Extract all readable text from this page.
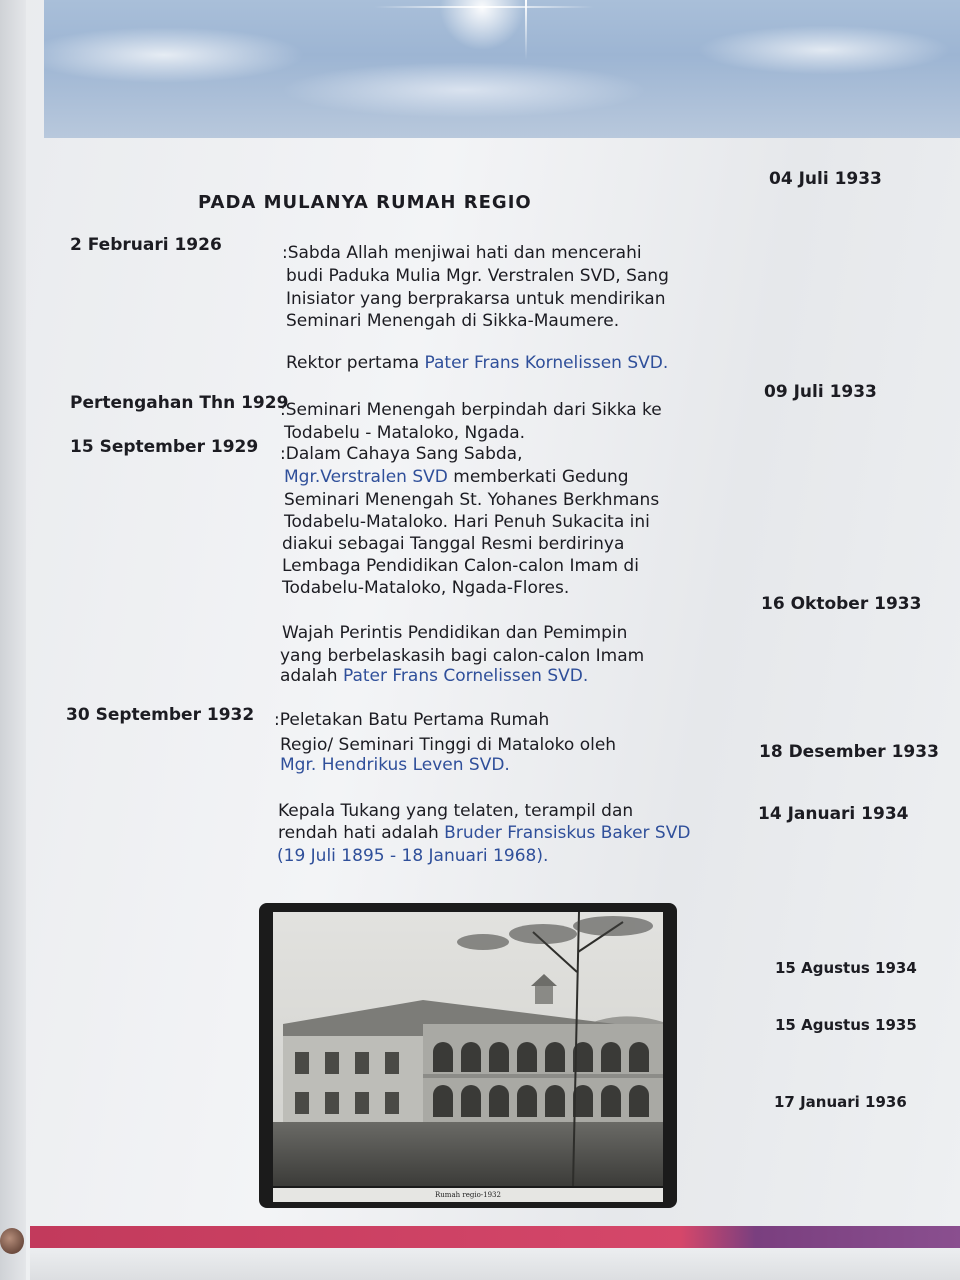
PADA MULANYA RUMAH REGIO
04 Juli 1933
09 Juli 1933
16 Oktober 1933
18 Desember 1933
14 Januari 1934
15 Agustus 1934
15 Agustus 1935
17 Januari 1936
2 Februari 1926	:Sabda Allah menjiwai hati dan mencerahi
budi Paduka Mulia Mgr. Verstralen SVD, Sang
Inisiator yang berprakarsa untuk mendirikan
Seminari Menengah di Sikka-Maumere.
Rektor pertama Pater Frans Kornelissen SVD.
Pertengahan Thn 1929
:Seminari Menengah berpindah dari Sikka ke
Todabelu - Mataloko, Ngada.
15 September 1929 :Dalam Cahaya Sang Sabda,
Mgr.Verstralen SVD memberkati Gedung
Seminari Menengah St. Yohanes Berkhmans
Todabelu-Mataloko. Hari Penuh Sukacita ini
diakui sebagai Tanggal Resmi berdirinya
Lembaga Pendidikan Calon-calon Imam di
Todabelu-Mataloko, Ngada-Flores.
Wajah Perintis Pendidikan dan Pemimpin
yang berbelaskasih bagi calon-calon Imam
adalah Pater Frans Cornelissen SVD.
30 September 1932 :Peletakan Batu Pertama Rumah
Regio/ Seminari Tinggi di Mataloko oleh
Mgr. Hendrikus Leven SVD.
Kepala Tukang yang telaten, terampil dan
rendah hati adalah Bruder Fransiskus Baker SVD
(19 Juli 1895 - 18 Januari 1968).
Rumah regio-1932
